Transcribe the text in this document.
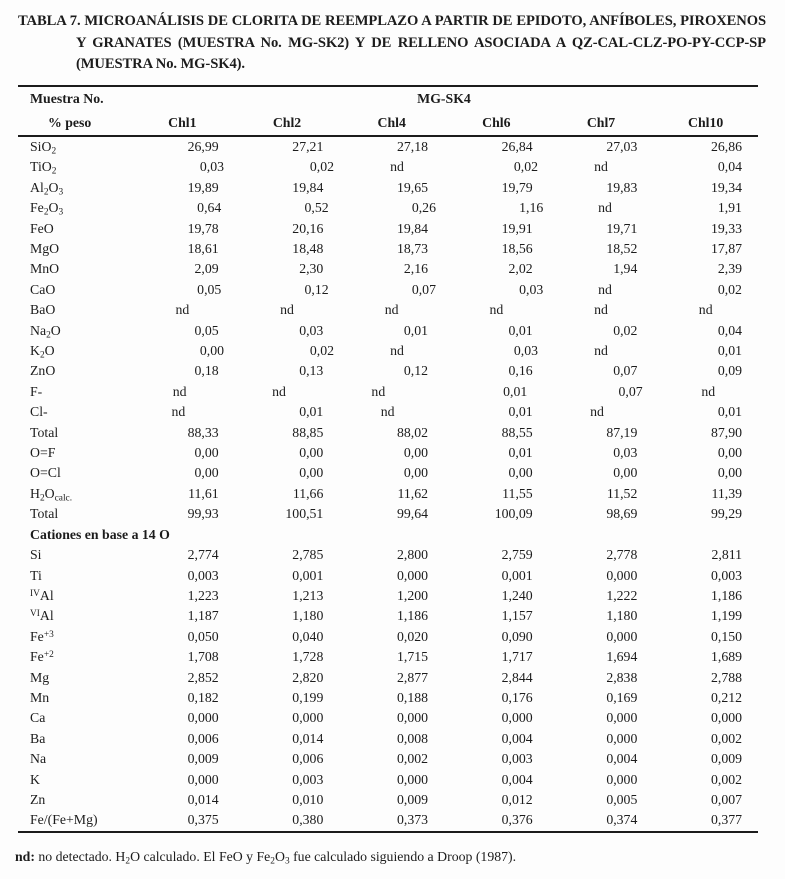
TABLA 7. MICROANÁLISIS DE CLORITA DE REEMPLAZO A PARTIR DE EPIDOTO, ANFÍBOLES, PIROXENOS
Y GRANATES (MUESTRA No. MG-SK2) Y DE RELLENO ASOCIADA A QZ-CAL-CLZ-PO-PY-CCP-SP
(MUESTRA No. MG-SK4).
Muestra No.	MG-SK4
% peso	Chl1	Chl2	Chl4	Chl6	Chl7	Chl10
SiO$_2$	26,99	27,21	27,18	26,84	27,03	26,86
TiO$_2$	0,03	0,02	nd	0,02	nd	0,04
$Al_2O_3$	19,89	19,84	19,65	19,79	19,83	19,34
$Fe_2O_3$	0,64	0,52	0,26	1,16	nd	1,91
FeO	19,78	20,16	19,84	19,91	19,71	19,33
MgO	18,61	18,48	18,73	18,56	18,52	17,87
MnO	2,09	2,30	2,16	2,02	1,94	2,39
CaO	0,05	0,12	0,07	0,03	nd	0,02
BaO	nd	nd	nd	nd	nd	nd
$Na_2O$	0,05	0,03	0,01	0,01	0,02	0,04
$K_2O$	0,00	0,02	nd	0,03	nd	0,01
ZnO	0,18	0,13	0,12	0,16	0,07	0,09
F-	nd	nd	nd	0,01	0,07	nd
Cl-	nd	0,01	nd	0,01	nd	0,01
Total	88,33	88,85	88,02	88,55	87,19	87,90
O=F	0,00	0,00	0,00	0,01	0,03	0,00
O=Cl	0,00	0,00	0,00	0,00	0,00	0,00
$H_2O_{calc.}$	11,61	11,66	11,62	11,55	11,52	11,39
Total	99,93	100,51	99,64	100,09	98,69	99,29
Cationes en base a 14 O
Si	2,774	2,785	2,800	2,759	2,778	2,811
Ti	0,003	0,001	0,000	0,001	0,000	0,003
$^{IV}$Al	1,223	1,213	1,200	1,240	1,222	1,186
$^{VI}$Al	1,187	1,180	1,186	1,157	1,180	1,199
$Fe^{+3}$	0,050	0,040	0,020	0,090	0,000	0,150
$Fe^{+2}$	1,708	1,728	1,715	1,717	1,694	1,689
Mg	2,852	2,820	2,877	2,844	2,838	2,788
Mn	0,182	0,199	0,188	0,176	0,169	0,212
Ca	0,000	0,000	0,000	0,000	0,000	0,000
Ba	0,006	0,014	0,008	0,004	0,000	0,002
Na	0,009	0,006	0,002	0,003	0,004	0,009
K	0,000	0,003	0,000	0,004	0,000	0,002
Zn	0,014	0,010	0,009	0,012	0,005	0,007
Fe/(Fe+Mg)	0,375	0,380	0,373	0,376	0,374	0,377
nd: no detectado. $H_2O$ calculado. El FeO y $Fe_2O_3$ fue calculado siguiendo a Droop (1987).
